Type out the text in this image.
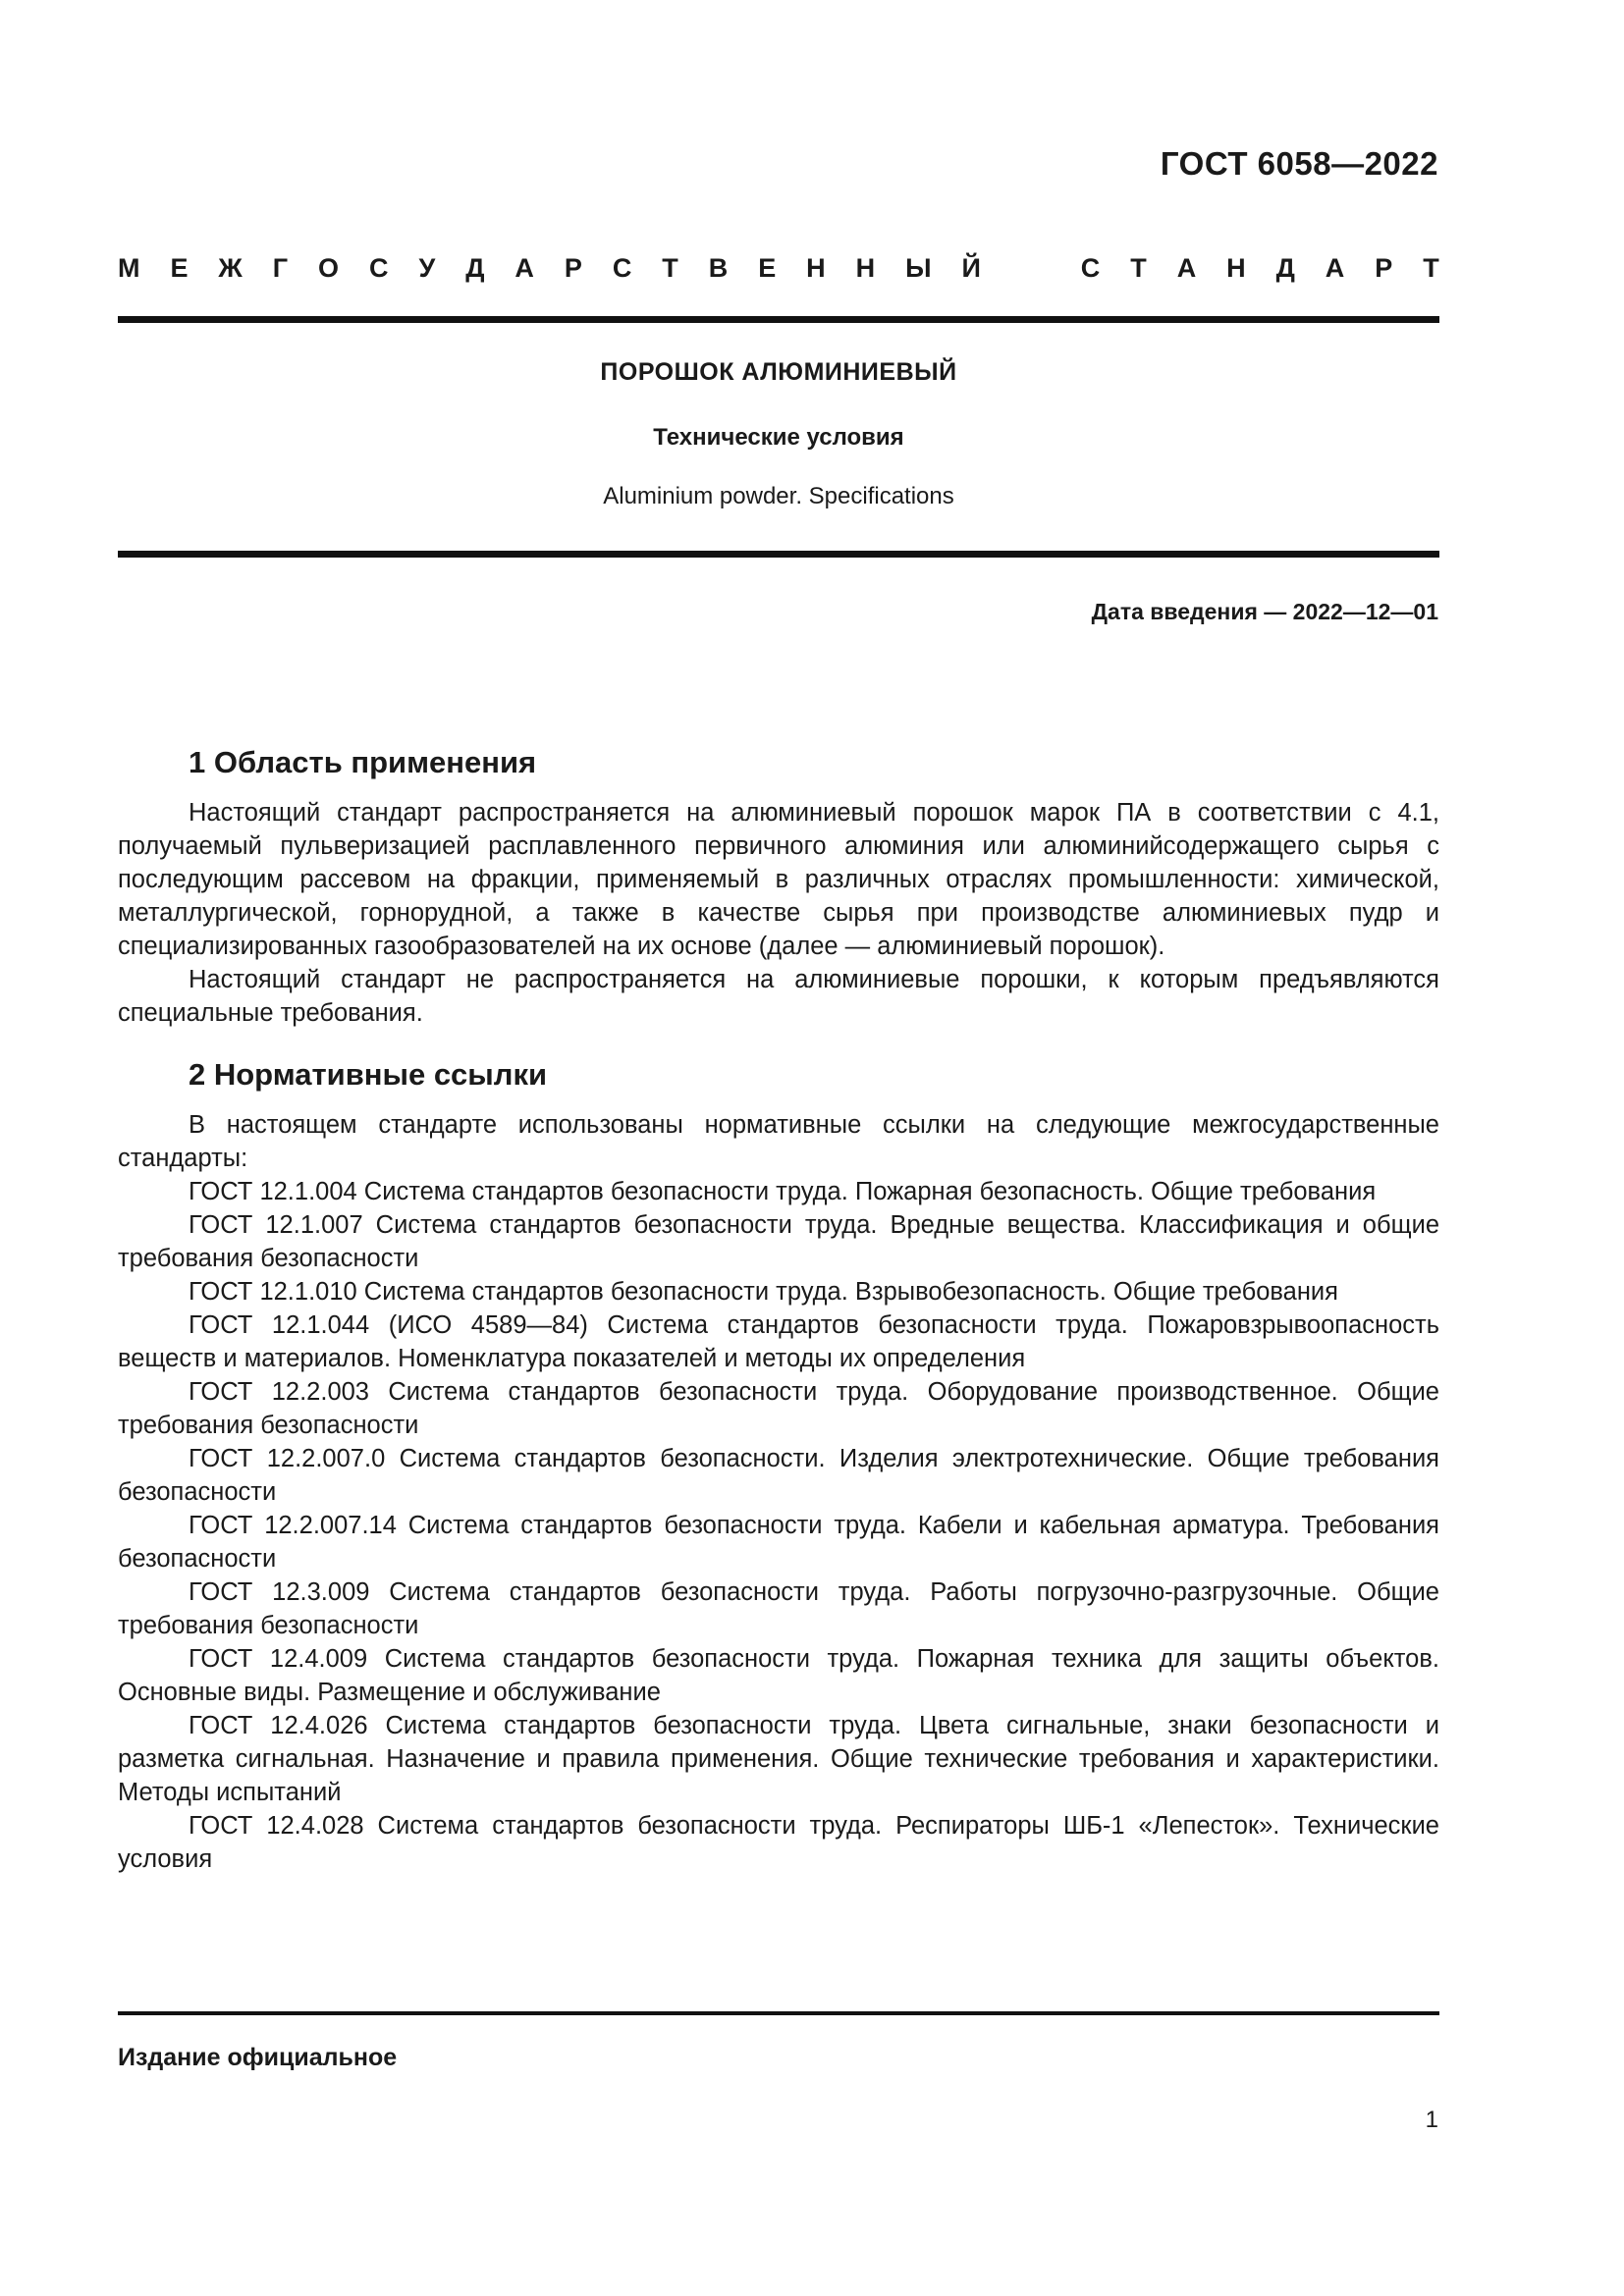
ГОСТ 6058—2022
М Е Ж Г О С У Д А Р С Т В Е Н Н Ы Й	С Т А Н Д А Р Т
ПОРОШОК АЛЮМИНИЕВЫЙ
Технические условия
Aluminium powder. Specifications
Дата введения — 2022—12—01
1 Область применения

Настоящий стандарт распространяется на алюминиевый порошок марок ПА в соответствии с 4.1, получаемый пульверизацией расплавленного первичного алюминия или алюминийсодержащего сырья с последующим рассевом на фракции, применяемый в различных отраслях промышленности: химической, металлургической, горнорудной, а также в качестве сырья при производстве алюминиевых пудр и специализированных газообразователей на их основе (далее — алюминиевый порошок).

Настоящий стандарт не распространяется на алюминиевые порошки, к которым предъявляются специальные требования.

2 Нормативные ссылки

В настоящем стандарте использованы нормативные ссылки на следующие межгосударственные стандарты:

ГОСТ 12.1.004 Система стандартов безопасности труда. Пожарная безопасность. Общие требования

ГОСТ 12.1.007 Система стандартов безопасности труда. Вредные вещества. Классификация и общие требования безопасности

ГОСТ 12.1.010 Система стандартов безопасности труда. Взрывобезопасность. Общие требования

ГОСТ 12.1.044 (ИСО 4589—84) Система стандартов безопасности труда. Пожаровзрывоопасность веществ и материалов. Номенклатура показателей и методы их определения

ГОСТ 12.2.003 Система стандартов безопасности труда. Оборудование производственное. Общие требования безопасности

ГОСТ 12.2.007.0 Система стандартов безопасности. Изделия электротехнические. Общие требования безопасности

ГОСТ 12.2.007.14 Система стандартов безопасности труда. Кабели и кабельная арматура. Требования безопасности

ГОСТ 12.3.009 Система стандартов безопасности труда. Работы погрузочно-разгрузочные. Общие требования безопасности

ГОСТ 12.4.009 Система стандартов безопасности труда. Пожарная техника для защиты объектов. Основные виды. Размещение и обслуживание

ГОСТ 12.4.026 Система стандартов безопасности труда. Цвета сигнальные, знаки безопасности и разметка сигнальная. Назначение и правила применения. Общие технические требования и характеристики. Методы испытаний

ГОСТ 12.4.028 Система стандартов безопасности труда. Респираторы ШБ-1 «Лепесток». Технические условия

Издание официальное
1
